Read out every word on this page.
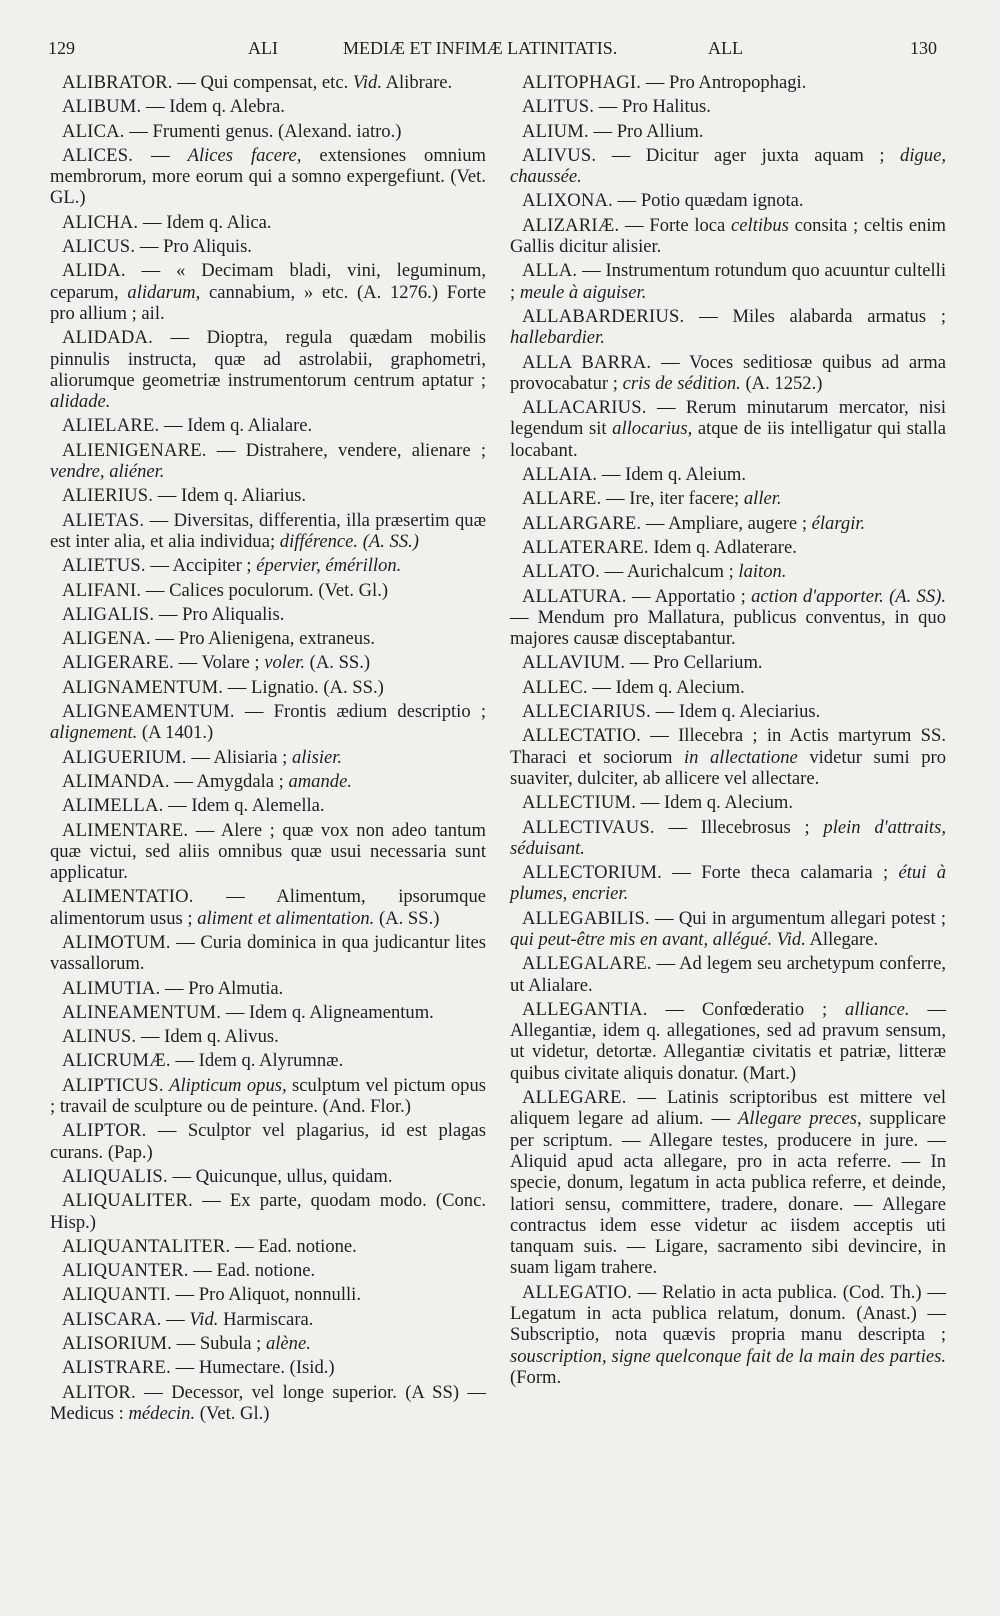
129	ALI	MEDIÆ ET INFIMÆ LATINITATIS.	ALL	130

ALIBRATOR. — Qui compensat, etc. Vid. Alibrare.

ALIBUM. — Idem q. Alebra.

ALICA. — Frumenti genus. (Alexand. iatro.)

ALICES. — Alices facere, extensiones omnium membrorum, more eorum qui a somno expergefiunt. (Vet. GL.)

ALICHA. — Idem q. Alica.

ALICUS. — Pro Aliquis.

ALIDA. — « Decimam bladi, vini, leguminum, ceparum, alidarum, cannabium, » etc. (A. 1276.) Forte pro allium ; ail.

ALIDADA. — Dioptra, regula quædam mobilis pinnulis instructa, quæ ad astrolabii, graphometri, aliorumque geometriæ instrumentorum centrum aptatur ; alidade.

ALIELARE. — Idem q. Alialare.

ALIENIGENARE. — Distrahere, vendere, alienare ; vendre, aliéner.

ALIERIUS. — Idem q. Aliarius.

ALIETAS. — Diversitas, differentia, illa præsertim quæ est inter alia, et alia individua; différence. (A. SS.)

ALIETUS. — Accipiter ; épervier, émérillon.

ALIFANI. — Calices poculorum. (Vet. Gl.)

ALIGALIS. — Pro Aliqualis.

ALIGENA. — Pro Alienigena, extraneus.

ALIGERARE. — Volare ; voler. (A. SS.)

ALIGNAMENTUM. — Lignatio. (A. SS.)

ALIGNEAMENTUM. — Frontis ædium descriptio ; alignement. (A 1401.)

ALIGUERIUM. — Alisiaria ; alisier.

ALIMANDA. — Amygdala ; amande.

ALIMELLA. — Idem q. Alemella.

ALIMENTARE. — Alere ; quæ vox non adeo tantum quæ victui, sed aliis omnibus quæ usui necessaria sunt applicatur.

ALIMENTATIO. — Alimentum, ipsorumque alimentorum usus ; aliment et alimentation. (A. SS.)

ALIMOTUM. — Curia dominica in qua judicantur lites vassallorum.

ALIMUTIA. — Pro Almutia.

ALINEAMENTUM. — Idem q. Aligneamentum.

ALINUS. — Idem q. Alivus.

ALICRUMÆ. — Idem q. Alyrumnæ.

ALIPTICUS. Alipticum opus, sculptum vel pictum opus ; travail de sculpture ou de peinture. (And. Flor.)

ALIPTOR. — Sculptor vel plagarius, id est plagas curans. (Pap.)

ALIQUALIS. — Quicunque, ullus, quidam.

ALIQUALITER. — Ex parte, quodam modo. (Conc. Hisp.)

ALIQUANTALITER. — Ead. notione.

ALIQUANTER. — Ead. notione.

ALIQUANTI. — Pro Aliquot, nonnulli.

ALISCARA. — Vid. Harmiscara.

ALISORIUM. — Subula ; alène.

ALISTRARE. — Humectare. (Isid.)

ALITOR. — Decessor, vel longe superior. (A SS) — Medicus : médecin. (Vet. Gl.)

ALITOPHAGI. — Pro Antropophagi.

ALITUS. — Pro Halitus.

ALIUM. — Pro Allium.

ALIVUS. — Dicitur ager juxta aquam ; digue, chaussée.

ALIXONA. — Potio quædam ignota.

ALIZARIÆ. — Forte loca celtibus consita ; celtis enim Gallis dicitur alisier.

ALLA. — Instrumentum rotundum quo acuuntur cultelli ; meule à aiguiser.

ALLABARDERIUS. — Miles alabarda armatus ; hallebardier.

ALLA BARRA. — Voces seditiosæ quibus ad arma provocabatur ; cris de sédition. (A. 1252.)

ALLACARIUS. — Rerum minutarum mercator, nisi legendum sit allocarius, atque de iis intelligatur qui stalla locabant.

ALLAIA. — Idem q. Aleium.

ALLARE. — Ire, iter facere; aller.

ALLARGARE. — Ampliare, augere ; élargir.

ALLATERARE. Idem q. Adlaterare.

ALLATO. — Aurichalcum ; laiton.

ALLATURA. — Apportatio ; action d'apporter. (A. SS). — Mendum pro Mallatura, publicus conventus, in quo majores causæ disceptabantur.

ALLAVIUM. — Pro Cellarium.

ALLEC. — Idem q. Alecium.

ALLECIARIUS. — Idem q. Aleciarius.

ALLECTATIO. — Illecebra ; in Actis martyrum SS. Tharaci et sociorum in allectatione videtur sumi pro suaviter, dulciter, ab allicere vel allectare.

ALLECTIUM. — Idem q. Alecium.

ALLECTIVAUS. — Illecebrosus ; plein d'attraits, séduisant.

ALLECTORIUM. — Forte theca calamaria ; étui à plumes, encrier.

ALLEGABILIS. — Qui in argumentum allegari potest ; qui peut-être mis en avant, allégué. Vid. Allegare.

ALLEGALARE. — Ad legem seu archetypum conferre, ut Alialare.

ALLEGANTIA. — Confœderatio ; alliance. — Allegantiæ, idem q. allegationes, sed ad pravum sensum, ut videtur, detortæ. Allegantiæ civitatis et patriæ, litteræ quibus civitate aliquis donatur. (Mart.)

ALLEGARE. — Latinis scriptoribus est mittere vel aliquem legare ad alium. — Allegare preces, supplicare per scriptum. — Allegare testes, producere in jure. — Aliquid apud acta allegare, pro in acta referre. — In specie, donum, legatum in acta publica referre, et deinde, latiori sensu, committere, tradere, donare. — Allegare contractus idem esse videtur ac iisdem acceptis uti tanquam suis. — Ligare, sacramento sibi devincire, in suam ligam trahere.

ALLEGATIO. — Relatio in acta publica. (Cod. Th.) — Legatum in acta publica relatum, donum. (Anast.) — Subscriptio, nota quævis propria manu descripta ; souscription, signe quelconque fait de la main des parties. (Form.
